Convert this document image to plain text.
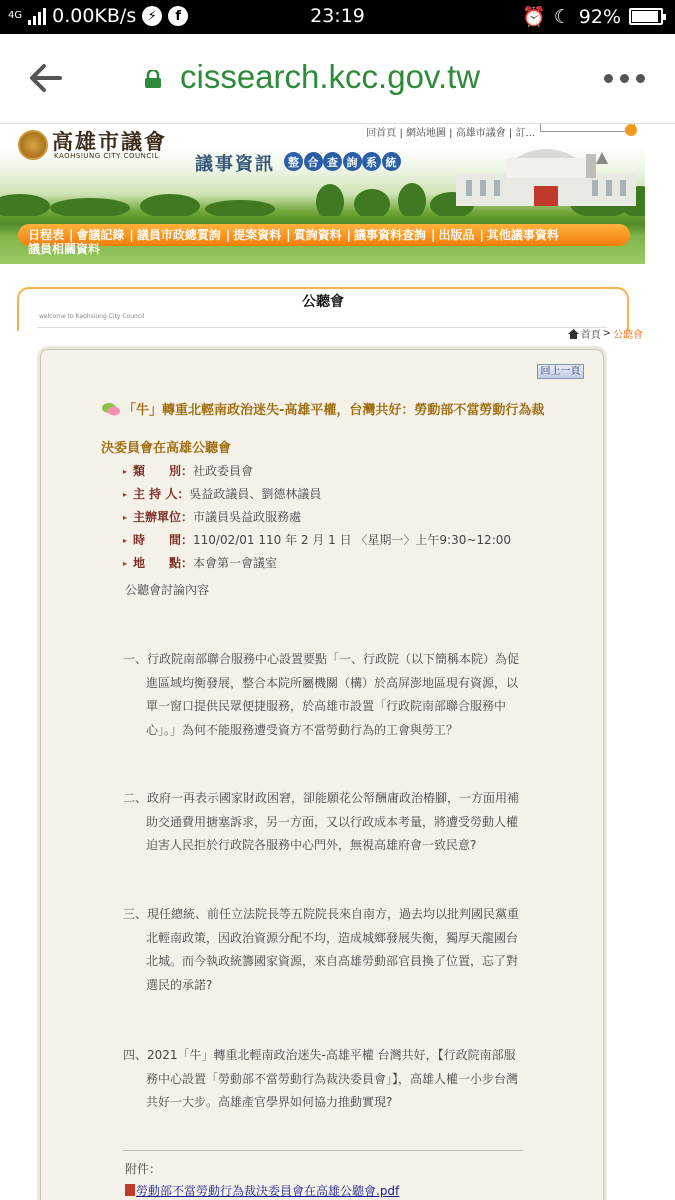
4G 0.00KB/s ⚡	f	23:19	⏰ ☾ 92%
cissearch.kcc.gov.tw
回首頁 | 網站地圖 | 高雄市議會 | 訂...
高雄市議會
KAOHSIUNG CITY COUNCIL 議事資訊	整 合 查 詢 系 統
日程表 | 會議記錄 | 議員市政總質詢 | 提案資料 | 質詢資料 | 議事資料查詢 | 出版品 | 其他議事資料
議員相關資料
公聽會
welcome to Kaohsiung City Council
首頁 > 公聽會
回上一頁
「牛」轉重北輕南政治迷失-高雄平權，台灣共好：勞動部不當勞動行為裁決委員會在高雄公聽會
▸ 類　　別：社政委員會
▸ 主 持 人：吳益政議員、劉德林議員
▸ 主辦單位：市議員吳益政服務處
▸ 時　　間：110/02/01 110 年 2 月 1 日 〈星期一〉上午9:30~12:00
▸ 地　　點：本會第一會議室
公聽會討論內容
一、行政院南部聯合服務中心設置要點「一、行政院（以下簡稱本院）為促進區域均衡發展，整合本院所屬機關（構）於高屏澎地區現有資源，以單一窗口提供民眾便捷服務，於高雄市設置「行政院南部聯合服務中心」。」為何不能服務遭受資方不當勞動行為的工會與勞工？
二、政府一再表示國家財政困窘，卻能願花公帑酬庸政治樁腳，一方面用補助交通費用搪塞訴求，另一方面，又以行政成本考量，將遭受勞動人權迫害人民拒於行政院各服務中心門外，無視高雄府會一致民意?
三、現任總統、前任立法院長等五院院長來自南方，過去均以批判國民黨重北輕南政策，因政治資源分配不均，造成城鄉發展失衡，獨厚天龍國台北城。而今執政統籌國家資源，來自高雄勞動部官員換了位置，忘了對選民的承諾?
四、2021「牛」轉重北輕南政治迷失-高雄平權 台灣共好，【行政院南部服務中心設置「勞動部不當勞動行為裁決委員會」】，高雄人權一小步台灣共好一大步。高雄產官學界如何協力推動實現?
附件：
勞動部不當勞動行為裁決委員會在高雄公聽會.pdf
